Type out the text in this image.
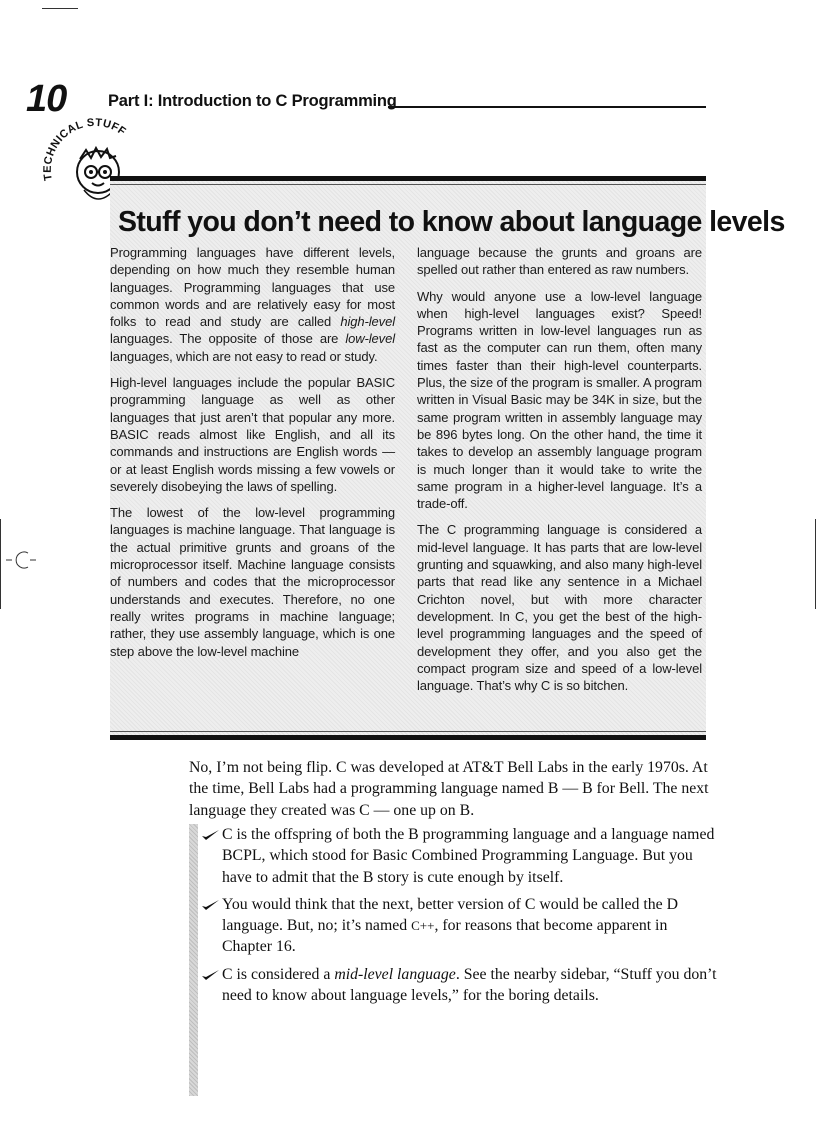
10	Part I: Introduction to C Programming
TECHNICAL STUFF
Stuff you don’t need to know about language levels

Programming languages have different levels, depending on how much they resemble human languages. Programming languages that use common words and are relatively easy for most folks to read and study are called high-level languages. The opposite of those are low-level languages, which are not easy to read or study.

High-level languages include the popular BASIC programming language as well as other languages that just aren’t that popular any more. BASIC reads almost like English, and all its commands and instructions are English words — or at least English words missing a few vowels or severely disobeying the laws of spelling.

The lowest of the low-level programming languages is machine language. That language is the actual primitive grunts and groans of the microprocessor itself. Machine language consists of numbers and codes that the microprocessor understands and executes. Therefore, no one really writes programs in machine language; rather, they use assembly language, which is one step above the low-level machine

language because the grunts and groans are spelled out rather than entered as raw numbers.

Why would anyone use a low-level language when high-level languages exist? Speed! Programs written in low-level languages run as fast as the computer can run them, often many times faster than their high-level counterparts. Plus, the size of the program is smaller. A program written in Visual Basic may be 34K in size, but the same program written in assembly language may be 896 bytes long. On the other hand, the time it takes to develop an assembly language program is much longer than it would take to write the same program in a higher-level language. It’s a trade-off.

The C programming language is considered a mid-level language. It has parts that are low-level grunting and squawking, and also many high-level parts that read like any sentence in a Michael Crichton novel, but with more character development. In C, you get the best of the high-level programming languages and the speed of development they offer, and you also get the compact program size and speed of a low-level language. That’s why C is so bitchen.

No, I’m not being flip. C was developed at AT&T Bell Labs in the early 1970s. At the time, Bell Labs had a programming language named B — B for Bell. The next language they created was C — one up on B.

C is the offspring of both the B programming language and a language named BCPL, which stood for Basic Combined Programming Language. But you have to admit that the B story is cute enough by itself.
You would think that the next, better version of C would be called the D language. But, no; it’s named C++, for reasons that become apparent in Chapter 16.
C is considered a mid-level language. See the nearby sidebar, “Stuff you don’t need to know about language levels,” for the boring details.
